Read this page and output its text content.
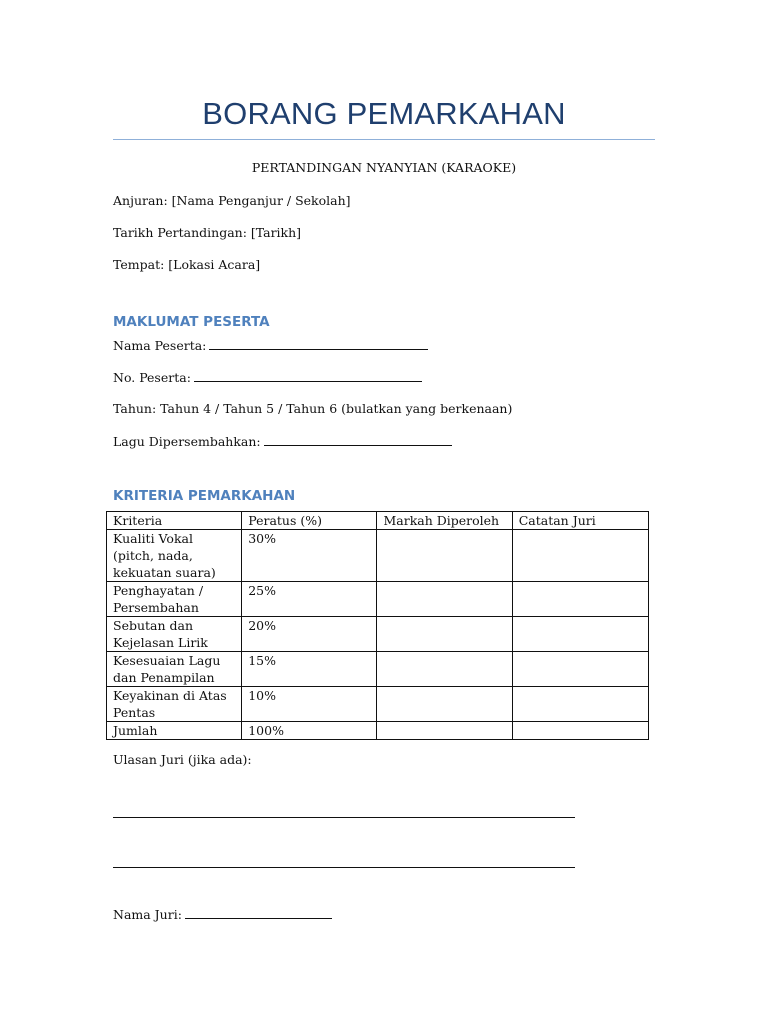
BORANG PEMARKAHAN
PERTANDINGAN NYANYIAN (KARAOKE)
Anjuran: [Nama Penganjur / Sekolah]
Tarikh Pertandingan: [Tarikh]
Tempat: [Lokasi Acara]
MAKLUMAT PESERTA
Nama Peserta:
No. Peserta:
Tahun: Tahun 4 / Tahun 5 / Tahun 6 (bulatkan yang berkenaan)
Lagu Dipersembahkan:
KRITERIA PEMARKAHAN
Kriteria	Peratus (%)	Markah Diperoleh	Catatan Juri
Kualiti Vokal (pitch, nada, kekuatan suara)	30%		
Penghayatan / Persembahan	25%		
Sebutan dan Kejelasan Lirik	20%		
Kesesuaian Lagu dan Penampilan	15%		
Keyakinan di Atas Pentas	10%		
Jumlah	100%		
Ulasan Juri (jika ada):
Nama Juri:
